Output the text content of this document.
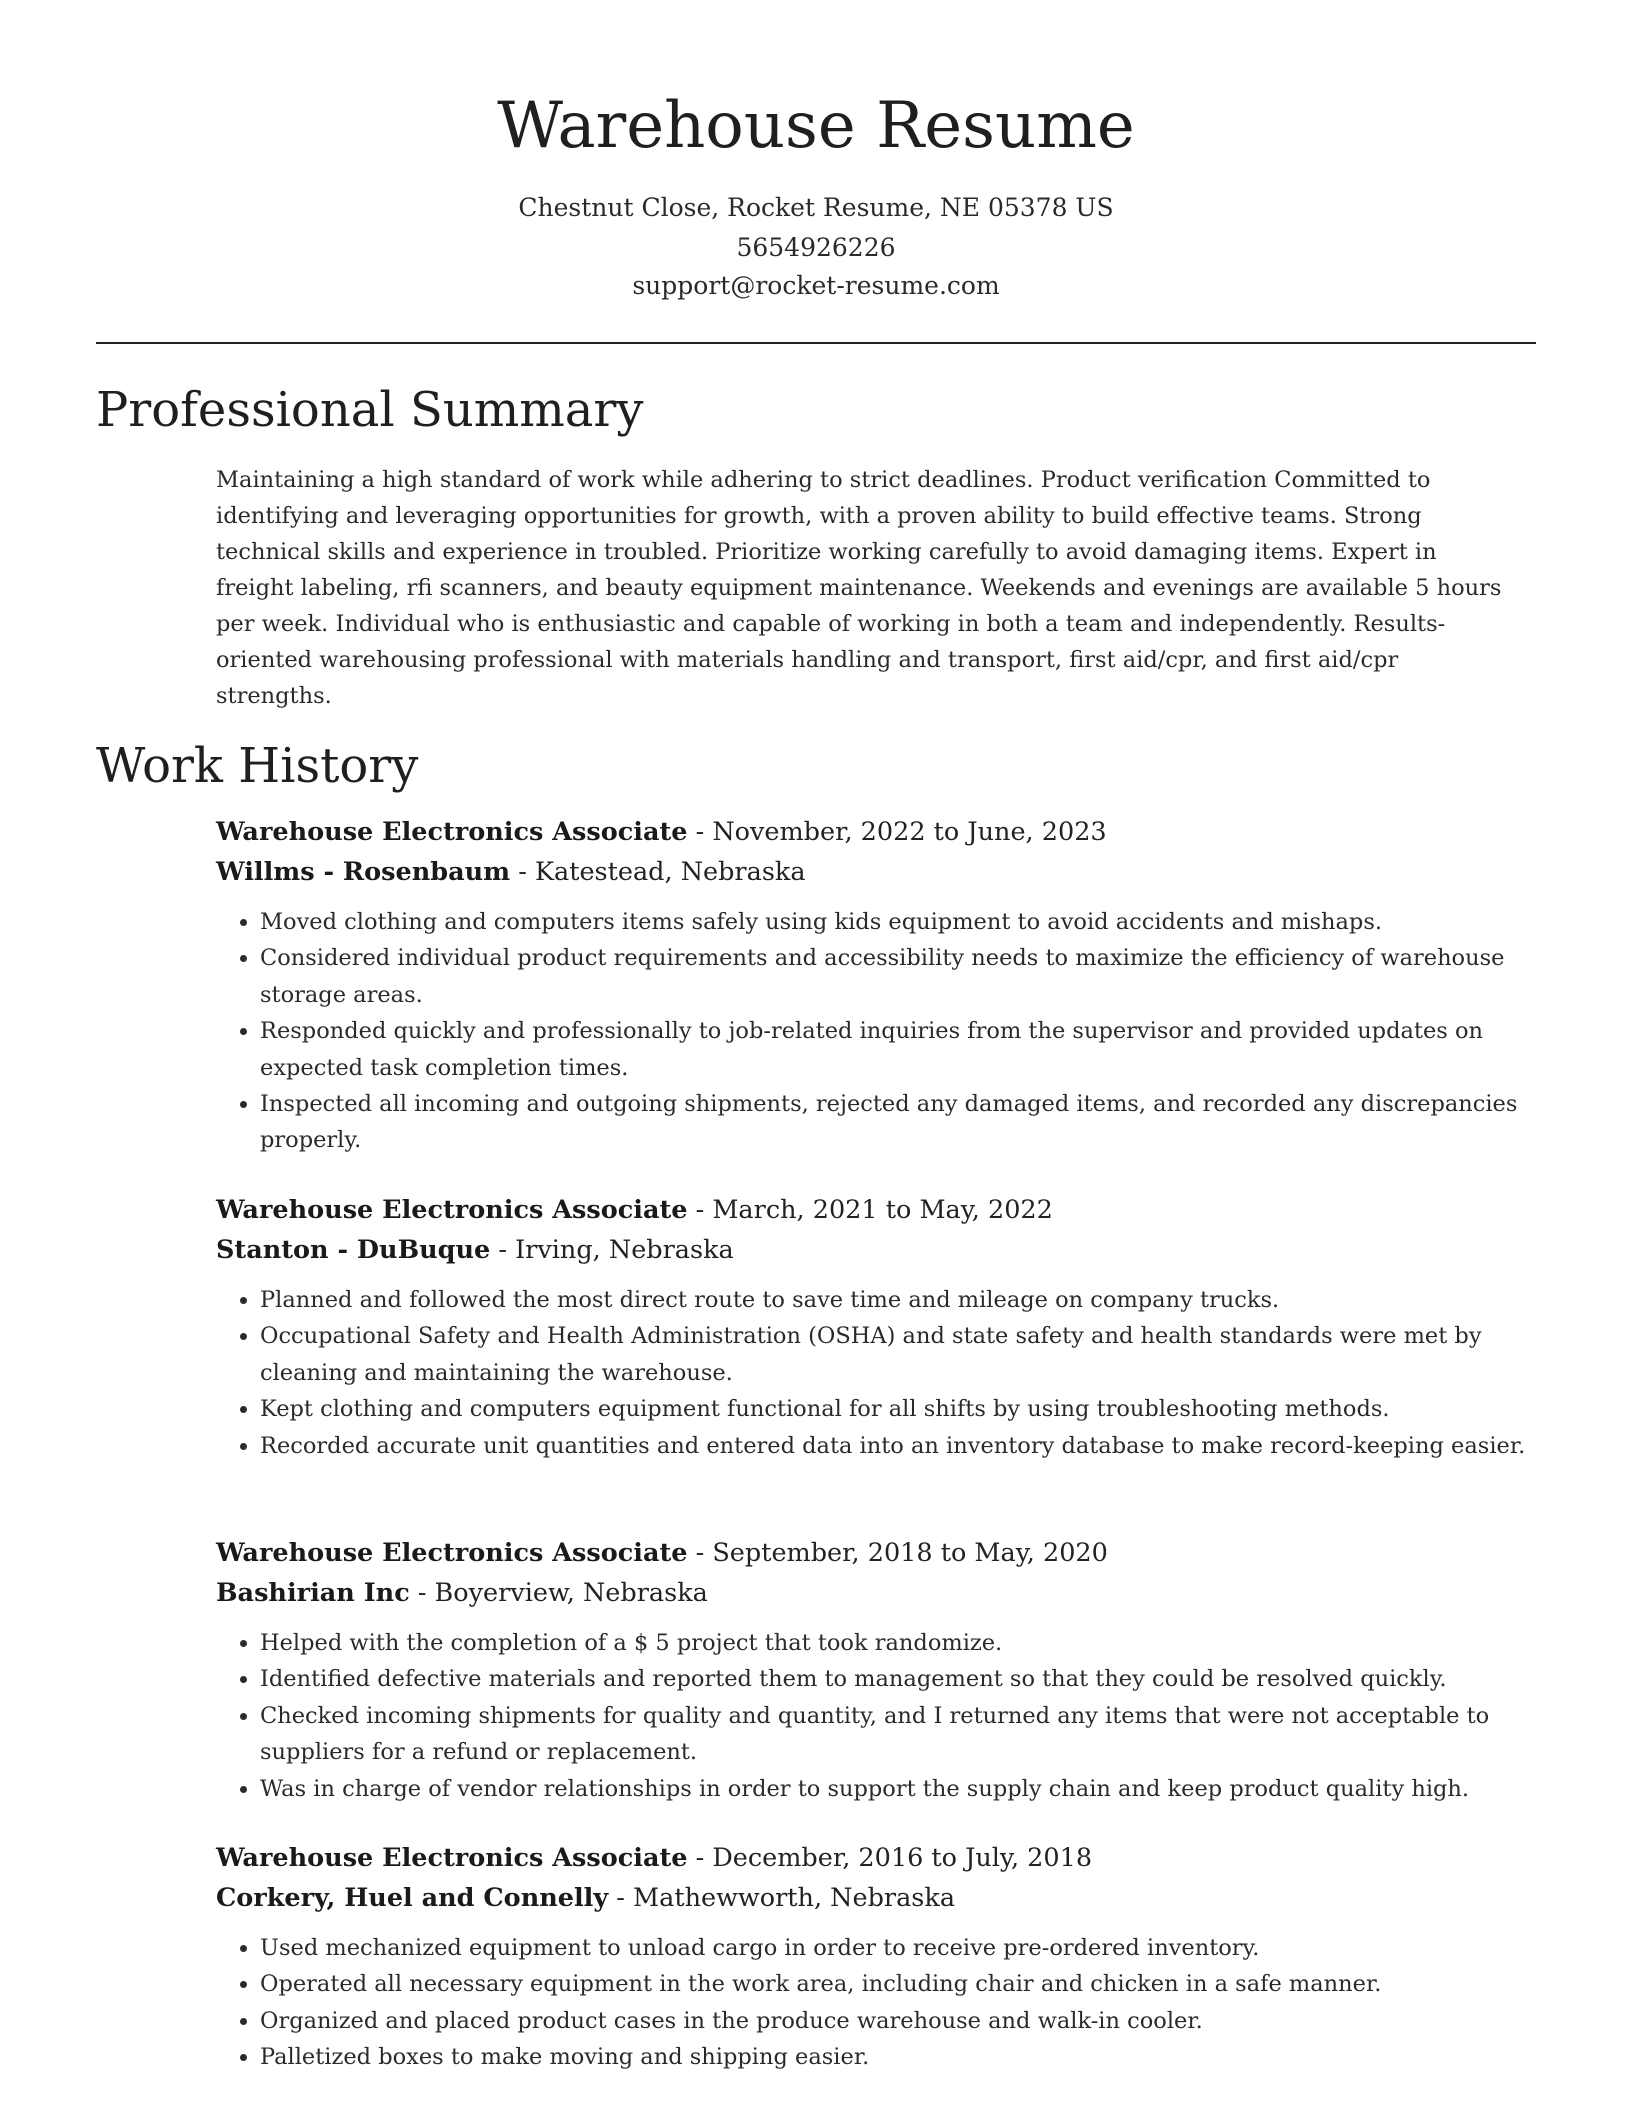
Warehouse Resume
Chestnut Close, Rocket Resume, NE 05378 US
5654926226
support@rocket-resume.com
Professional Summary

Maintaining a high standard of work while adhering to strict deadlines. Product verification Committed to identifying and leveraging opportunities for growth, with a proven ability to build effective teams. Strong technical skills and experience in troubled. Prioritize working carefully to avoid damaging items. Expert in freight labeling, rfi scanners, and beauty equipment maintenance. Weekends and evenings are available 5 hours per week. Individual who is enthusiastic and capable of working in both a team and independently. Results-oriented warehousing professional with materials handling and transport, first aid/cpr, and first aid/cpr strengths.

Work History
Warehouse Electronics Associate - November, 2022 to June, 2023
Willms - Rosenbaum - Katestead, Nebraska
• Moved clothing and computers items safely using kids equipment to avoid accidents and mishaps.
• Considered individual product requirements and accessibility needs to maximize the efficiency of warehouse storage areas.
• Responded quickly and professionally to job-related inquiries from the supervisor and provided updates on expected task completion times.
• Inspected all incoming and outgoing shipments, rejected any damaged items, and recorded any discrepancies properly.
Warehouse Electronics Associate - March, 2021 to May, 2022
Stanton - DuBuque - Irving, Nebraska
• Planned and followed the most direct route to save time and mileage on company trucks.
• Occupational Safety and Health Administration (OSHA) and state safety and health standards were met by cleaning and maintaining the warehouse.
• Kept clothing and computers equipment functional for all shifts by using troubleshooting methods.
• Recorded accurate unit quantities and entered data into an inventory database to make record-keeping easier.
Warehouse Electronics Associate - September, 2018 to May, 2020
Bashirian Inc - Boyerview, Nebraska
• Helped with the completion of a $ 5 project that took randomize.
• Identified defective materials and reported them to management so that they could be resolved quickly.
• Checked incoming shipments for quality and quantity, and I returned any items that were not acceptable to suppliers for a refund or replacement.
• Was in charge of vendor relationships in order to support the supply chain and keep product quality high.
Warehouse Electronics Associate - December, 2016 to July, 2018
Corkery, Huel and Connelly - Mathewworth, Nebraska
• Used mechanized equipment to unload cargo in order to receive pre-ordered inventory.
• Operated all necessary equipment in the work area, including chair and chicken in a safe manner.
• Organized and placed product cases in the produce warehouse and walk-in cooler.
• Palletized boxes to make moving and shipping easier.
